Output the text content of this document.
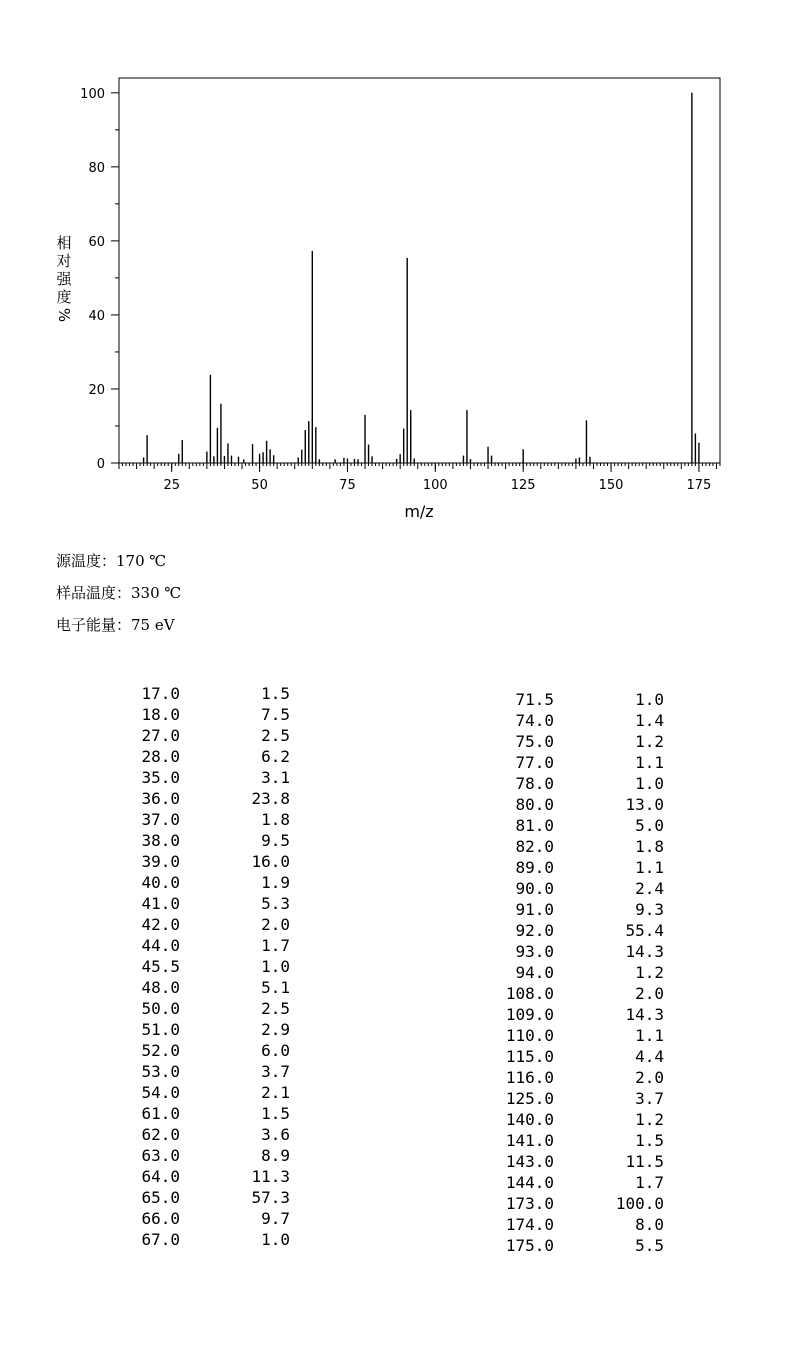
25	50	75	100	125	150	175
0
20
40
60
80
100
m/z
相
对
强
度
%
源温度：170 ℃
样品温度：330 ℃
电子能量：75 eV
17.0	1.5
18.0	7.5
27.0	2.5
28.0	6.2
35.0	3.1
36.0	23.8
37.0	1.8
38.0	9.5
39.0	16.0
40.0	1.9
41.0	5.3
42.0	2.0
44.0	1.7
45.5	1.0
48.0	5.1
50.0	2.5
51.0	2.9
52.0	6.0
53.0	3.7
54.0	2.1
61.0	1.5
62.0	3.6
63.0	8.9
64.0	11.3
65.0	57.3
66.0	9.7
67.0	1.0
71.5	1.0
74.0	1.4
75.0	1.2
77.0	1.1
78.0	1.0
80.0	13.0
81.0	5.0
82.0	1.8
89.0	1.1
90.0	2.4
91.0	9.3
92.0	55.4
93.0	14.3
94.0	1.2
108.0	2.0
109.0	14.3
110.0	1.1
115.0	4.4
116.0	2.0
125.0	3.7
140.0	1.2
141.0	1.5
143.0	11.5
144.0	1.7
173.0	100.0
174.0	8.0
175.0	5.5
